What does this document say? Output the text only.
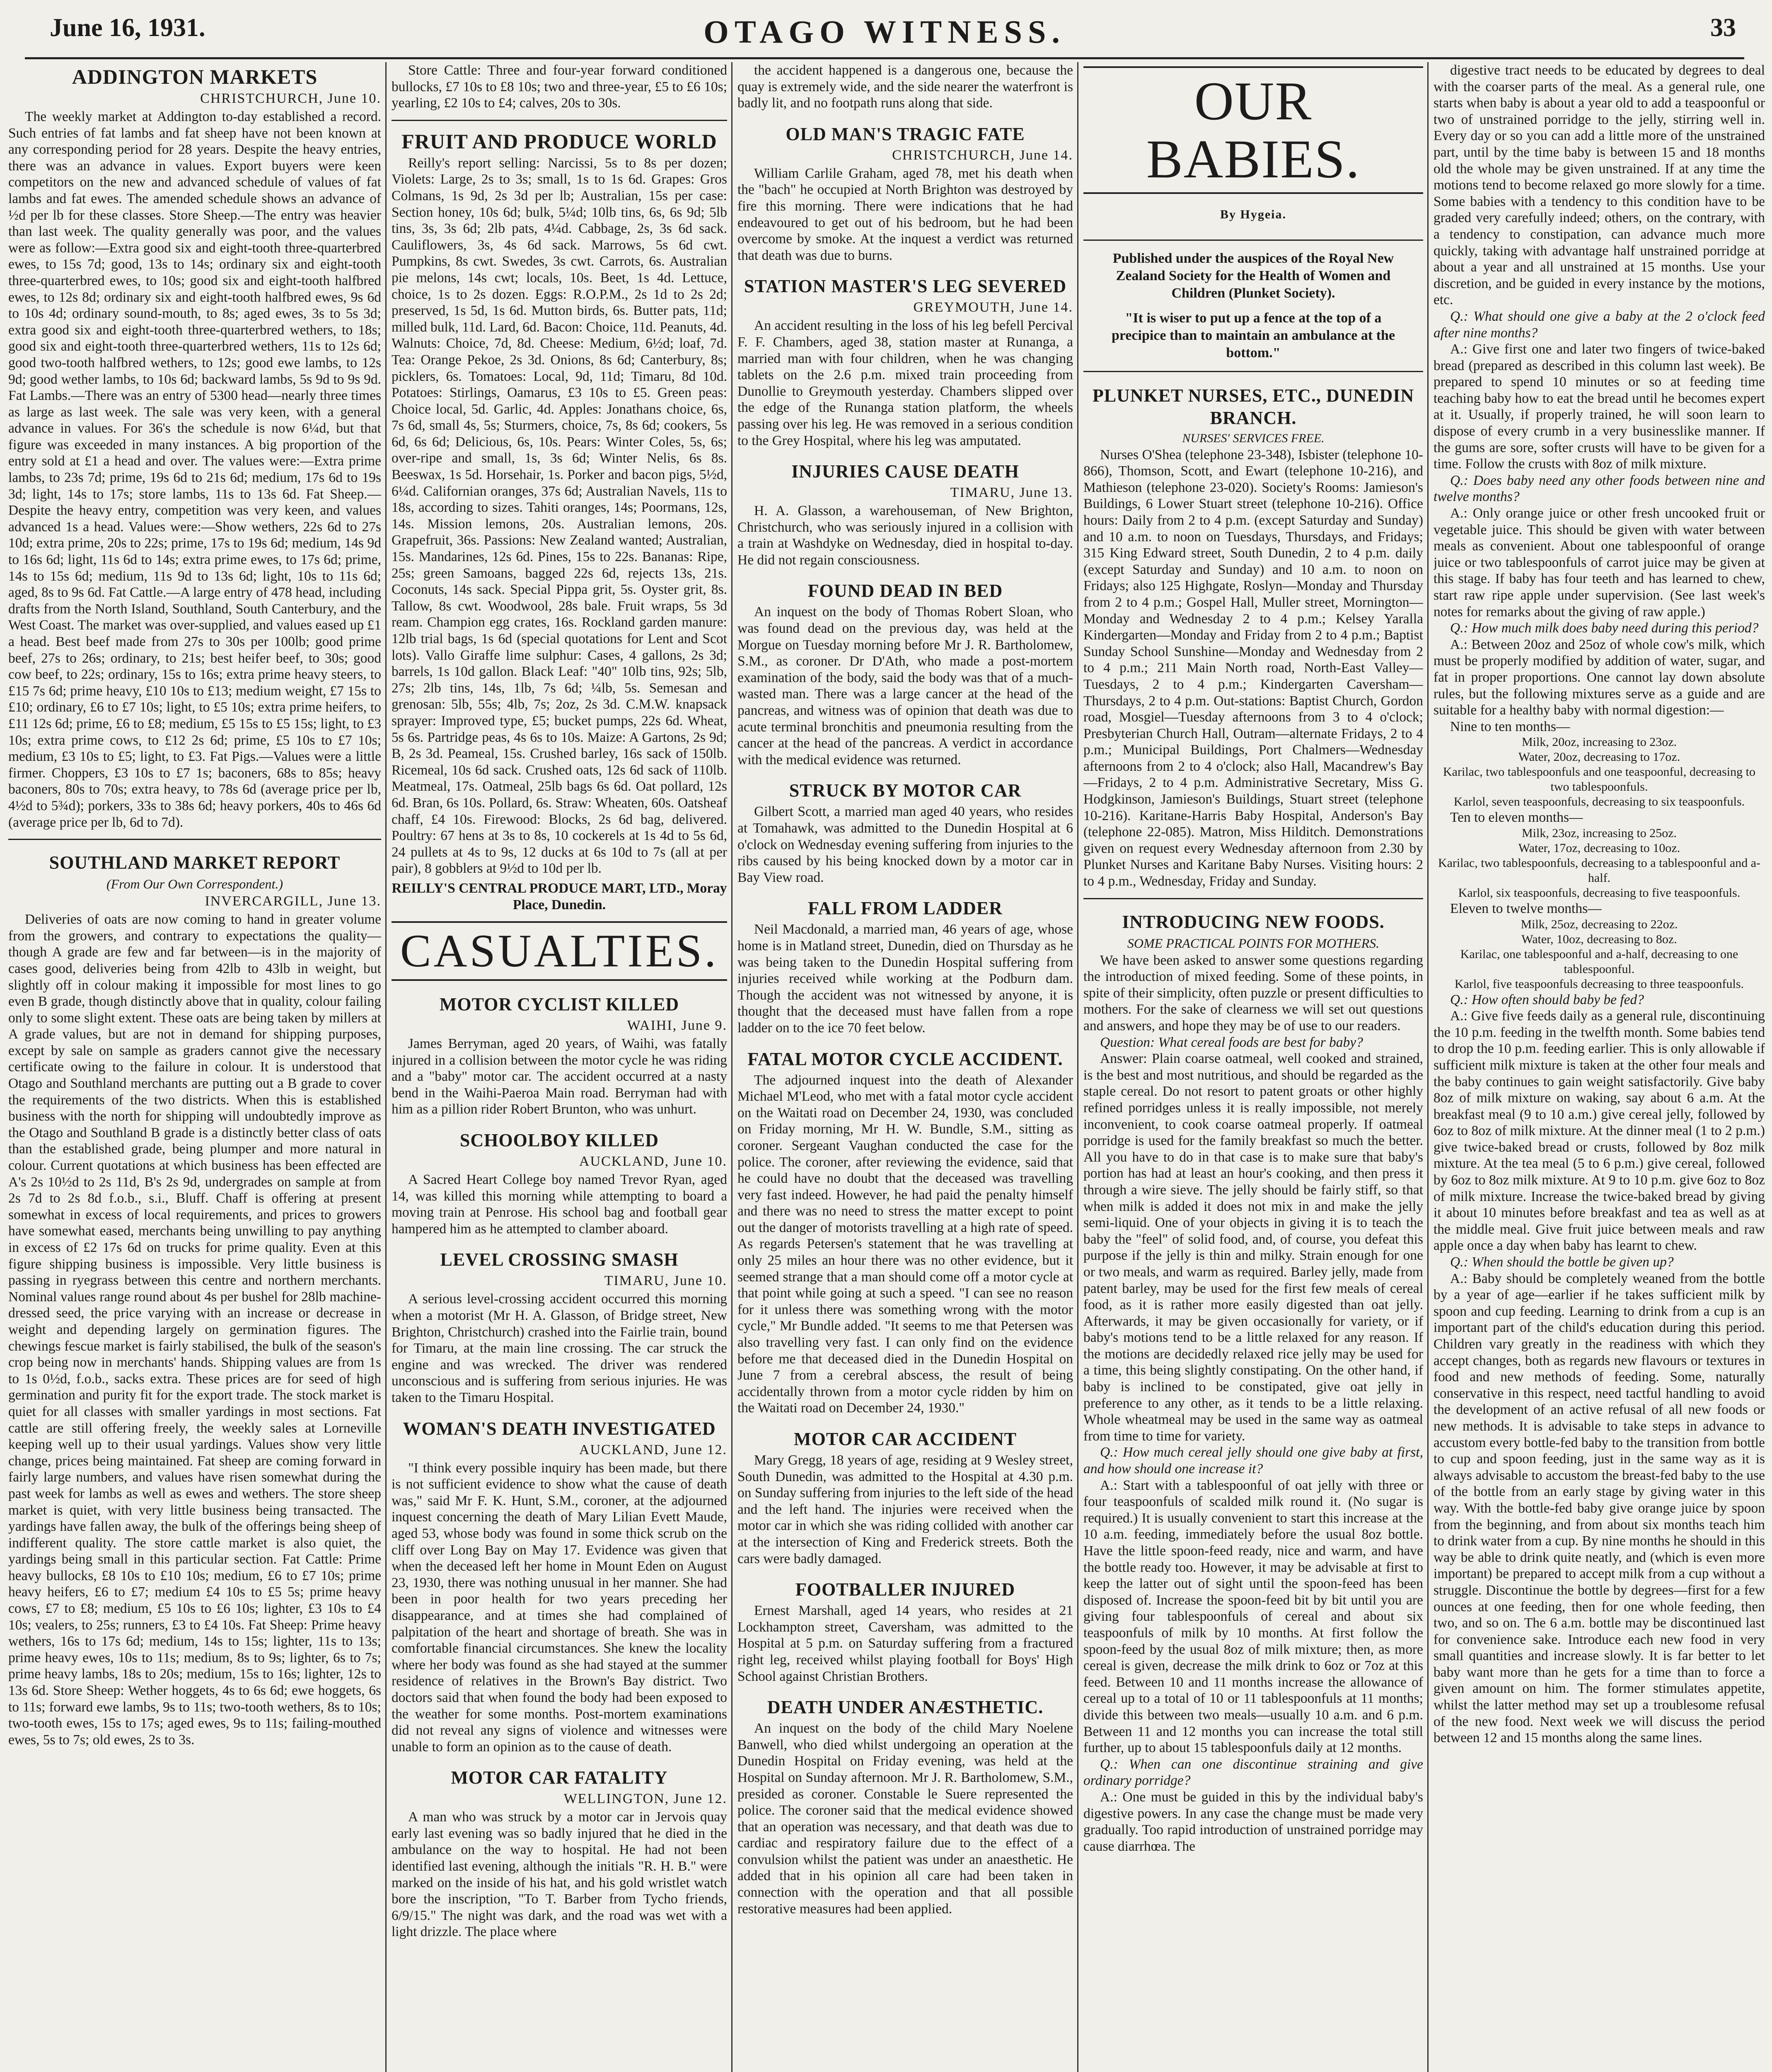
June 16, 1931.	OTAGO WITNESS.	33
ADDINGTON MARKETS
CHRISTCHURCH, June 10.

The weekly market at Addington to-day established a record. Such entries of fat lambs and fat sheep have not been known at any corresponding period for 28 years. Despite the heavy entries, there was an advance in values. Export buyers were keen competitors on the new and advanced schedule of values of fat lambs and fat ewes. The amended schedule shows an advance of ½d per lb for these classes. Store Sheep.—The entry was heavier than last week. The quality generally was poor, and the values were as follow:—Extra good six and eight-tooth three-quarterbred ewes, to 15s 7d; good, 13s to 14s; ordinary six and eight-tooth three-quarterbred ewes, to 10s; good six and eight-tooth halfbred ewes, to 12s 8d; ordinary six and eight-tooth halfbred ewes, 9s 6d to 10s 4d; ordinary sound-mouth, to 8s; aged ewes, 3s to 5s 3d; extra good six and eight-tooth three-quarterbred wethers, to 18s; good six and eight-tooth three-quarterbred wethers, 11s to 12s 6d; good two-tooth halfbred wethers, to 12s; good ewe lambs, to 12s 9d; good wether lambs, to 10s 6d; backward lambs, 5s 9d to 9s 9d. Fat Lambs.—There was an entry of 5300 head—nearly three times as large as last week. The sale was very keen, with a general advance in values. For 36's the schedule is now 6¼d, but that figure was exceeded in many instances. A big proportion of the entry sold at £1 a head and over. The values were:—Extra prime lambs, to 23s 7d; prime, 19s 6d to 21s 6d; medium, 17s 6d to 19s 3d; light, 14s to 17s; store lambs, 11s to 13s 6d. Fat Sheep.—Despite the heavy entry, competition was very keen, and values advanced 1s a head. Values were:—Show wethers, 22s 6d to 27s 10d; extra prime, 20s to 22s; prime, 17s to 19s 6d; medium, 14s 9d to 16s 6d; light, 11s 6d to 14s; extra prime ewes, to 17s 6d; prime, 14s to 15s 6d; medium, 11s 9d to 13s 6d; light, 10s to 11s 6d; aged, 8s to 9s 6d. Fat Cattle.—A large entry of 478 head, including drafts from the North Island, Southland, South Canterbury, and the West Coast. The market was over-supplied, and values eased up £1 a head. Best beef made from 27s to 30s per 100lb; good prime beef, 27s to 26s; ordinary, to 21s; best heifer beef, to 30s; good cow beef, to 22s; ordinary, 15s to 16s; extra prime heavy steers, to £15 7s 6d; prime heavy, £10 10s to £13; medium weight, £7 15s to £10; ordinary, £6 to £7 10s; light, to £5 10s; extra prime heifers, to £11 12s 6d; prime, £6 to £8; medium, £5 15s to £5 15s; light, to £3 10s; extra prime cows, to £12 2s 6d; prime, £5 10s to £7 10s; medium, £3 10s to £5; light, to £3. Fat Pigs.—Values were a little firmer. Choppers, £3 10s to £7 1s; baconers, 68s to 85s; heavy baconers, 80s to 70s; extra heavy, to 78s 6d (average price per lb, 4½d to 5¾d); porkers, 33s to 38s 6d; heavy porkers, 40s to 46s 6d (average price per lb, 6d to 7d).

SOUTHLAND MARKET REPORT
(From Our Own Correspondent.)
INVERCARGILL, June 13.

Deliveries of oats are now coming to hand in greater volume from the growers, and contrary to expectations the quality—though A grade are few and far between—is in the majority of cases good, deliveries being from 42lb to 43lb in weight, but slightly off in colour making it impossible for most lines to go even B grade, though distinctly above that in quality, colour failing only to some slight extent. These oats are being taken by millers at A grade values, but are not in demand for shipping purposes, except by sale on sample as graders cannot give the necessary certificate owing to the failure in colour. It is understood that Otago and Southland merchants are putting out a B grade to cover the requirements of the two districts. When this is established business with the north for shipping will undoubtedly improve as the Otago and Southland B grade is a distinctly better class of oats than the established grade, being plumper and more natural in colour. Current quotations at which business has been effected are A's 2s 10½d to 2s 11d, B's 2s 9d, undergrades on sample at from 2s 7d to 2s 8d f.o.b., s.i., Bluff. Chaff is offering at present somewhat in excess of local requirements, and prices to growers have somewhat eased, merchants being unwilling to pay anything in excess of £2 17s 6d on trucks for prime quality. Even at this figure shipping business is impossible. Very little business is passing in ryegrass between this centre and northern merchants. Nominal values range round about 4s per bushel for 28lb machine-dressed seed, the price varying with an increase or decrease in weight and depending largely on germination figures. The chewings fescue market is fairly stabilised, the bulk of the season's crop being now in merchants' hands. Shipping values are from 1s to 1s 0½d, f.o.b., sacks extra. These prices are for seed of high germination and purity fit for the export trade. The stock market is quiet for all classes with smaller yardings in most sections. Fat cattle are still offering freely, the weekly sales at Lorneville keeping well up to their usual yardings. Values show very little change, prices being maintained. Fat sheep are coming forward in fairly large numbers, and values have risen somewhat during the past week for lambs as well as ewes and wethers. The store sheep market is quiet, with very little business being transacted. The yardings have fallen away, the bulk of the offerings being sheep of indifferent quality. The store cattle market is also quiet, the yardings being small in this particular section. Fat Cattle: Prime heavy bullocks, £8 10s to £10 10s; medium, £6 to £7 10s; prime heavy heifers, £6 to £7; medium £4 10s to £5 5s; prime heavy cows, £7 to £8; medium, £5 10s to £6 10s; lighter, £3 10s to £4 10s; vealers, to 25s; runners, £3 to £4 10s. Fat Sheep: Prime heavy wethers, 16s to 17s 6d; medium, 14s to 15s; lighter, 11s to 13s; prime heavy ewes, 10s to 11s; medium, 8s to 9s; lighter, 6s to 7s; prime heavy lambs, 18s to 20s; medium, 15s to 16s; lighter, 12s to 13s 6d. Store Sheep: Wether hoggets, 4s to 6s 6d; ewe hoggets, 6s to 11s; forward ewe lambs, 9s to 11s; two-tooth wethers, 8s to 10s; two-tooth ewes, 15s to 17s; aged ewes, 9s to 11s; failing-mouthed ewes, 5s to 7s; old ewes, 2s to 3s.

Store Cattle: Three and four-year forward conditioned bullocks, £7 10s to £8 10s; two and three-year, £5 to £6 10s; yearling, £2 10s to £4; calves, 20s to 30s.

FRUIT AND PRODUCE WORLD

Reilly's report selling: Narcissi, 5s to 8s per dozen; Violets: Large, 2s to 3s; small, 1s to 1s 6d. Grapes: Gros Colmans, 1s 9d, 2s 3d per lb; Australian, 15s per case: Section honey, 10s 6d; bulk, 5¼d; 10lb tins, 6s, 6s 9d; 5lb tins, 3s, 3s 6d; 2lb pats, 4¼d. Cabbage, 2s, 3s 6d sack. Cauliflowers, 3s, 4s 6d sack. Marrows, 5s 6d cwt. Pumpkins, 8s cwt. Swedes, 3s cwt. Carrots, 6s. Australian pie melons, 14s cwt; locals, 10s. Beet, 1s 4d. Lettuce, choice, 1s to 2s dozen. Eggs: R.O.P.M., 2s 1d to 2s 2d; preserved, 1s 5d, 1s 6d. Mutton birds, 6s. Butter pats, 11d; milled bulk, 11d. Lard, 6d. Bacon: Choice, 11d. Peanuts, 4d. Walnuts: Choice, 7d, 8d. Cheese: Medium, 6½d; loaf, 7d. Tea: Orange Pekoe, 2s 3d. Onions, 8s 6d; Canterbury, 8s; picklers, 6s. Tomatoes: Local, 9d, 11d; Timaru, 8d 10d. Potatoes: Stirlings, Oamarus, £3 10s to £5. Green peas: Choice local, 5d. Garlic, 4d. Apples: Jonathans choice, 6s, 7s 6d, small 4s, 5s; Sturmers, choice, 7s, 8s 6d; cookers, 5s 6d, 6s 6d; Delicious, 6s, 10s. Pears: Winter Coles, 5s, 6s; over-ripe and small, 1s, 3s 6d; Winter Nelis, 6s 8s. Beeswax, 1s 5d. Horsehair, 1s. Porker and bacon pigs, 5½d, 6¼d. Californian oranges, 37s 6d; Australian Navels, 11s to 18s, according to sizes. Tahiti oranges, 14s; Poormans, 12s, 14s. Mission lemons, 20s. Australian lemons, 20s. Grapefruit, 36s. Passions: New Zealand wanted; Australian, 15s. Mandarines, 12s 6d. Pines, 15s to 22s. Bananas: Ripe, 25s; green Samoans, bagged 22s 6d, rejects 13s, 21s. Coconuts, 14s sack. Special Pippa grit, 5s. Oyster grit, 8s. Tallow, 8s cwt. Woodwool, 28s bale. Fruit wraps, 5s 3d ream. Champion egg crates, 16s. Rockland garden manure: 12lb trial bags, 1s 6d (special quotations for Lent and Scot lots). Vallo Giraffe lime sulphur: Cases, 4 gallons, 2s 3d; barrels, 1s 10d gallon. Black Leaf: "40" 10lb tins, 92s; 5lb, 27s; 2lb tins, 14s, 1lb, 7s 6d; ¼lb, 5s. Semesan and grenosan: 5lb, 55s; 4lb, 7s; 2oz, 2s 3d. C.M.W. knapsack sprayer: Improved type, £5; bucket pumps, 22s 6d. Wheat, 5s 6s. Partridge peas, 4s 6s to 10s. Maize: A Gartons, 2s 9d; B, 2s 3d. Peameal, 15s. Crushed barley, 16s sack of 150lb. Ricemeal, 10s 6d sack. Crushed oats, 12s 6d sack of 110lb. Meatmeal, 17s. Oatmeal, 25lb bags 6s 6d. Oat pollard, 12s 6d. Bran, 6s 10s. Pollard, 6s. Straw: Wheaten, 60s. Oatsheaf chaff, £4 10s. Firewood: Blocks, 2s 6d bag, delivered. Poultry: 67 hens at 3s to 8s, 10 cockerels at 1s 4d to 5s 6d, 24 pullets at 4s to 9s, 12 ducks at 6s 10d to 7s (all at per pair), 8 gobblers at 9½d to 10d per lb.

REILLY'S CENTRAL PRODUCE MART, LTD., Moray Place, Dunedin.
CASUALTIES.
MOTOR CYCLIST KILLED
WAIHI, June 9.

James Berryman, aged 20 years, of Waihi, was fatally injured in a collision between the motor cycle he was riding and a "baby" motor car. The accident occurred at a nasty bend in the Waihi-Paeroa Main road. Berryman had with him as a pillion rider Robert Brunton, who was unhurt.

SCHOOLBOY KILLED
AUCKLAND, June 10.

A Sacred Heart College boy named Trevor Ryan, aged 14, was killed this morning while attempting to board a moving train at Penrose. His school bag and football gear hampered him as he attempted to clamber aboard.

LEVEL CROSSING SMASH
TIMARU, June 10.

A serious level-crossing accident occurred this morning when a motorist (Mr H. A. Glasson, of Bridge street, New Brighton, Christchurch) crashed into the Fairlie train, bound for Timaru, at the main line crossing. The car struck the engine and was wrecked. The driver was rendered unconscious and is suffering from serious injuries. He was taken to the Timaru Hospital.

WOMAN'S DEATH INVESTIGATED
AUCKLAND, June 12.

"I think every possible inquiry has been made, but there is not sufficient evidence to show what the cause of death was," said Mr F. K. Hunt, S.M., coroner, at the adjourned inquest concerning the death of Mary Lilian Evett Maude, aged 53, whose body was found in some thick scrub on the cliff over Long Bay on May 17. Evidence was given that when the deceased left her home in Mount Eden on August 23, 1930, there was nothing unusual in her manner. She had been in poor health for two years preceding her disappearance, and at times she had complained of palpitation of the heart and shortage of breath. She was in comfortable financial circumstances. She knew the locality where her body was found as she had stayed at the summer residence of relatives in the Brown's Bay district. Two doctors said that when found the body had been exposed to the weather for some months. Post-mortem examinations did not reveal any signs of violence and witnesses were unable to form an opinion as to the cause of death.

MOTOR CAR FATALITY
WELLINGTON, June 12.

A man who was struck by a motor car in Jervois quay early last evening was so badly injured that he died in the ambulance on the way to hospital. He had not been identified last evening, although the initials "R. H. B." were marked on the inside of his hat, and his gold wristlet watch bore the inscription, "To T. Barber from Tycho friends, 6/9/15." The night was dark, and the road was wet with a light drizzle. The place where

the accident happened is a dangerous one, because the quay is extremely wide, and the side nearer the waterfront is badly lit, and no footpath runs along that side.

OLD MAN'S TRAGIC FATE
CHRISTCHURCH, June 14.

William Carlile Graham, aged 78, met his death when the "bach" he occupied at North Brighton was destroyed by fire this morning. There were indications that he had endeavoured to get out of his bedroom, but he had been overcome by smoke. At the inquest a verdict was returned that death was due to burns.

STATION MASTER'S LEG SEVERED
GREYMOUTH, June 14.

An accident resulting in the loss of his leg befell Percival F. F. Chambers, aged 38, station master at Runanga, a married man with four children, when he was changing tablets on the 2.6 p.m. mixed train proceeding from Dunollie to Greymouth yesterday. Chambers slipped over the edge of the Runanga station platform, the wheels passing over his leg. He was removed in a serious condition to the Grey Hospital, where his leg was amputated.

INJURIES CAUSE DEATH
TIMARU, June 13.

H. A. Glasson, a warehouseman, of New Brighton, Christchurch, who was seriously injured in a collision with a train at Washdyke on Wednesday, died in hospital to-day. He did not regain consciousness.

FOUND DEAD IN BED

An inquest on the body of Thomas Robert Sloan, who was found dead on the previous day, was held at the Morgue on Tuesday morning before Mr J. R. Bartholomew, S.M., as coroner. Dr D'Ath, who made a post-mortem examination of the body, said the body was that of a much-wasted man. There was a large cancer at the head of the pancreas, and witness was of opinion that death was due to acute terminal bronchitis and pneumonia resulting from the cancer at the head of the pancreas. A verdict in accordance with the medical evidence was returned.

STRUCK BY MOTOR CAR

Gilbert Scott, a married man aged 40 years, who resides at Tomahawk, was admitted to the Dunedin Hospital at 6 o'clock on Wednesday evening suffering from injuries to the ribs caused by his being knocked down by a motor car in Bay View road.

FALL FROM LADDER

Neil Macdonald, a married man, 46 years of age, whose home is in Matland street, Dunedin, died on Thursday as he was being taken to the Dunedin Hospital suffering from injuries received while working at the Podburn dam. Though the accident was not witnessed by anyone, it is thought that the deceased must have fallen from a rope ladder on to the ice 70 feet below.

FATAL MOTOR CYCLE ACCIDENT.

The adjourned inquest into the death of Alexander Michael M'Leod, who met with a fatal motor cycle accident on the Waitati road on December 24, 1930, was concluded on Friday morning, Mr H. W. Bundle, S.M., sitting as coroner. Sergeant Vaughan conducted the case for the police. The coroner, after reviewing the evidence, said that he could have no doubt that the deceased was travelling very fast indeed. However, he had paid the penalty himself and there was no need to stress the matter except to point out the danger of motorists travelling at a high rate of speed. As regards Petersen's statement that he was travelling at only 25 miles an hour there was no other evidence, but it seemed strange that a man should come off a motor cycle at that point while going at such a speed. "I can see no reason for it unless there was something wrong with the motor cycle," Mr Bundle added. "It seems to me that Petersen was also travelling very fast. I can only find on the evidence before me that deceased died in the Dunedin Hospital on June 7 from a cerebral abscess, the result of being accidentally thrown from a motor cycle ridden by him on the Waitati road on December 24, 1930."

MOTOR CAR ACCIDENT

Mary Gregg, 18 years of age, residing at 9 Wesley street, South Dunedin, was admitted to the Hospital at 4.30 p.m. on Sunday suffering from injuries to the left side of the head and the left hand. The injuries were received when the motor car in which she was riding collided with another car at the intersection of King and Frederick streets. Both the cars were badly damaged.

FOOTBALLER INJURED

Ernest Marshall, aged 14 years, who resides at 21 Lockhampton street, Caversham, was admitted to the Hospital at 5 p.m. on Saturday suffering from a fractured right leg, received whilst playing football for Boys' High School against Christian Brothers.

DEATH UNDER ANÆSTHETIC.

An inquest on the body of the child Mary Noelene Banwell, who died whilst undergoing an operation at the Dunedin Hospital on Friday evening, was held at the Hospital on Sunday afternoon. Mr J. R. Bartholomew, S.M., presided as coroner. Constable le Suere represented the police. The coroner said that the medical evidence showed that an operation was necessary, and that death was due to cardiac and respiratory failure due to the effect of a convulsion whilst the patient was under an anaesthetic. He added that in his opinion all care had been taken in connection with the operation and that all possible restorative measures had been applied.

OUR BABIES.
By Hygeia.
Published under the auspices of the Royal New Zealand Society for the Health of Women and Children (Plunket Society).
"It is wiser to put up a fence at the top of a precipice than to maintain an ambulance at the bottom."
PLUNKET NURSES, ETC., DUNEDIN BRANCH.
NURSES' SERVICES FREE.

Nurses O'Shea (telephone 23-348), Isbister (telephone 10-866), Thomson, Scott, and Ewart (telephone 10-216), and Mathieson (telephone 23-020). Society's Rooms: Jamieson's Buildings, 6 Lower Stuart street (telephone 10-216). Office hours: Daily from 2 to 4 p.m. (except Saturday and Sunday) and 10 a.m. to noon on Tuesdays, Thursdays, and Fridays; 315 King Edward street, South Dunedin, 2 to 4 p.m. daily (except Saturday and Sunday) and 10 a.m. to noon on Fridays; also 125 Highgate, Roslyn—Monday and Thursday from 2 to 4 p.m.; Gospel Hall, Muller street, Mornington—Monday and Wednesday 2 to 4 p.m.; Kelsey Yaralla Kindergarten—Monday and Friday from 2 to 4 p.m.; Baptist Sunday School Sunshine—Monday and Wednesday from 2 to 4 p.m.; 211 Main North road, North-East Valley—Tuesdays, 2 to 4 p.m.; Kindergarten Caversham—Thursdays, 2 to 4 p.m. Out-stations: Baptist Church, Gordon road, Mosgiel—Tuesday afternoons from 3 to 4 o'clock; Presbyterian Church Hall, Outram—alternate Fridays, 2 to 4 p.m.; Municipal Buildings, Port Chalmers—Wednesday afternoons from 2 to 4 o'clock; also Hall, Macandrew's Bay—Fridays, 2 to 4 p.m. Administrative Secretary, Miss G. Hodgkinson, Jamieson's Buildings, Stuart street (telephone 10-216). Karitane-Harris Baby Hospital, Anderson's Bay (telephone 22-085). Matron, Miss Hilditch. Demonstrations given on request every Wednesday afternoon from 2.30 by Plunket Nurses and Karitane Baby Nurses. Visiting hours: 2 to 4 p.m., Wednesday, Friday and Sunday.

INTRODUCING NEW FOODS.
SOME PRACTICAL POINTS FOR MOTHERS.

We have been asked to answer some questions regarding the introduction of mixed feeding. Some of these points, in spite of their simplicity, often puzzle or present difficulties to mothers. For the sake of clearness we will set out questions and answers, and hope they may be of use to our readers.

Question: What cereal foods are best for baby?

Answer: Plain coarse oatmeal, well cooked and strained, is the best and most nutritious, and should be regarded as the staple cereal. Do not resort to patent groats or other highly refined porridges unless it is really impossible, not merely inconvenient, to cook coarse oatmeal properly. If oatmeal porridge is used for the family breakfast so much the better. All you have to do in that case is to make sure that baby's portion has had at least an hour's cooking, and then press it through a wire sieve. The jelly should be fairly stiff, so that when milk is added it does not mix in and make the jelly semi-liquid. One of your objects in giving it is to teach the baby the "feel" of solid food, and, of course, you defeat this purpose if the jelly is thin and milky. Strain enough for one or two meals, and warm as required. Barley jelly, made from patent barley, may be used for the first few meals of cereal food, as it is rather more easily digested than oat jelly. Afterwards, it may be given occasionally for variety, or if baby's motions tend to be a little relaxed for any reason. If the motions are decidedly relaxed rice jelly may be used for a time, this being slightly constipating. On the other hand, if baby is inclined to be constipated, give oat jelly in preference to any other, as it tends to be a little relaxing. Whole wheatmeal may be used in the same way as oatmeal from time to time for variety.

Q.: How much cereal jelly should one give baby at first, and how should one increase it?

A.: Start with a tablespoonful of oat jelly with three or four teaspoonfuls of scalded milk round it. (No sugar is required.) It is usually convenient to start this increase at the 10 a.m. feeding, immediately before the usual 8oz bottle. Have the little spoon-feed ready, nice and warm, and have the bottle ready too. However, it may be advisable at first to keep the latter out of sight until the spoon-feed has been disposed of. Increase the spoon-feed bit by bit until you are giving four tablespoonfuls of cereal and about six teaspoonfuls of milk by 10 months. At first follow the spoon-feed by the usual 8oz of milk mixture; then, as more cereal is given, decrease the milk drink to 6oz or 7oz at this feed. Between 10 and 11 months increase the allowance of cereal up to a total of 10 or 11 tablespoonfuls at 11 months; divide this between two meals—usually 10 a.m. and 6 p.m. Between 11 and 12 months you can increase the total still further, up to about 15 tablespoonfuls daily at 12 months.

Q.: When can one discontinue straining and give ordinary porridge?

A.: One must be guided in this by the individual baby's digestive powers. In any case the change must be made very gradually. Too rapid introduction of unstrained porridge may cause diarrhœa. The

digestive tract needs to be educated by degrees to deal with the coarser parts of the meal. As a general rule, one starts when baby is about a year old to add a teaspoonful or two of unstrained porridge to the jelly, stirring well in. Every day or so you can add a little more of the unstrained part, until by the time baby is between 15 and 18 months old the whole may be given unstrained. If at any time the motions tend to become relaxed go more slowly for a time. Some babies with a tendency to this condition have to be graded very carefully indeed; others, on the contrary, with a tendency to constipation, can advance much more quickly, taking with advantage half unstrained porridge at about a year and all unstrained at 15 months. Use your discretion, and be guided in every instance by the motions, etc.

Q.: What should one give a baby at the 2 o'clock feed after nine months?

A.: Give first one and later two fingers of twice-baked bread (prepared as described in this column last week). Be prepared to spend 10 minutes or so at feeding time teaching baby how to eat the bread until he becomes expert at it. Usually, if properly trained, he will soon learn to dispose of every crumb in a very businesslike manner. If the gums are sore, softer crusts will have to be given for a time. Follow the crusts with 8oz of milk mixture.

Q.: Does baby need any other foods between nine and twelve months?

A.: Only orange juice or other fresh uncooked fruit or vegetable juice. This should be given with water between meals as convenient. About one tablespoonful of orange juice or two tablespoonfuls of carrot juice may be given at this stage. If baby has four teeth and has learned to chew, start raw ripe apple under supervision. (See last week's notes for remarks about the giving of raw apple.)

Q.: How much milk does baby need during this period?

A.: Between 20oz and 25oz of whole cow's milk, which must be properly modified by addition of water, sugar, and fat in proper proportions. One cannot lay down absolute rules, but the following mixtures serve as a guide and are suitable for a healthy baby with normal digestion:—

Nine to ten months—

Milk, 20oz, increasing to 23oz.
Water, 20oz, decreasing to 17oz.
Karilac, two tablespoonfuls and one teaspoonful, decreasing to two tablespoonfuls.
Karlol, seven teaspoonfuls, decreasing to six teaspoonfuls.

Ten to eleven months—

Milk, 23oz, increasing to 25oz.
Water, 17oz, decreasing to 10oz.
Karilac, two tablespoonfuls, decreasing to a tablespoonful and a-half.
Karlol, six teaspoonfuls, decreasing to five teaspoonfuls.

Eleven to twelve months—

Milk, 25oz, decreasing to 22oz.
Water, 10oz, decreasing to 8oz.
Karilac, one tablespoonful and a-half, decreasing to one tablespoonful.
Karlol, five teaspoonfuls decreasing to three teaspoonfuls.

Q.: How often should baby be fed?

A.: Give five feeds daily as a general rule, discontinuing the 10 p.m. feeding in the twelfth month. Some babies tend to drop the 10 p.m. feeding earlier. This is only allowable if sufficient milk mixture is taken at the other four meals and the baby continues to gain weight satisfactorily. Give baby 8oz of milk mixture on waking, say about 6 a.m. At the breakfast meal (9 to 10 a.m.) give cereal jelly, followed by 6oz to 8oz of milk mixture. At the dinner meal (1 to 2 p.m.) give twice-baked bread or crusts, followed by 8oz milk mixture. At the tea meal (5 to 6 p.m.) give cereal, followed by 6oz to 8oz milk mixture. At 9 to 10 p.m. give 6oz to 8oz of milk mixture. Increase the twice-baked bread by giving it about 10 minutes before breakfast and tea as well as at the middle meal. Give fruit juice between meals and raw apple once a day when baby has learnt to chew.

Q.: When should the bottle be given up?

A.: Baby should be completely weaned from the bottle by a year of age—earlier if he takes sufficient milk by spoon and cup feeding. Learning to drink from a cup is an important part of the child's education during this period. Children vary greatly in the readiness with which they accept changes, both as regards new flavours or textures in food and new methods of feeding. Some, naturally conservative in this respect, need tactful handling to avoid the development of an active refusal of all new foods or new methods. It is advisable to take steps in advance to accustom every bottle-fed baby to the transition from bottle to cup and spoon feeding, just in the same way as it is always advisable to accustom the breast-fed baby to the use of the bottle from an early stage by giving water in this way. With the bottle-fed baby give orange juice by spoon from the beginning, and from about six months teach him to drink water from a cup. By nine months he should in this way be able to drink quite neatly, and (which is even more important) be prepared to accept milk from a cup without a struggle. Discontinue the bottle by degrees—first for a few ounces at one feeding, then for one whole feeding, then two, and so on. The 6 a.m. bottle may be discontinued last for convenience sake. Introduce each new food in very small quantities and increase slowly. It is far better to let baby want more than he gets for a time than to force a given amount on him. The former stimulates appetite, whilst the latter method may set up a troublesome refusal of the new food. Next week we will discuss the period between 12 and 15 months along the same lines.
